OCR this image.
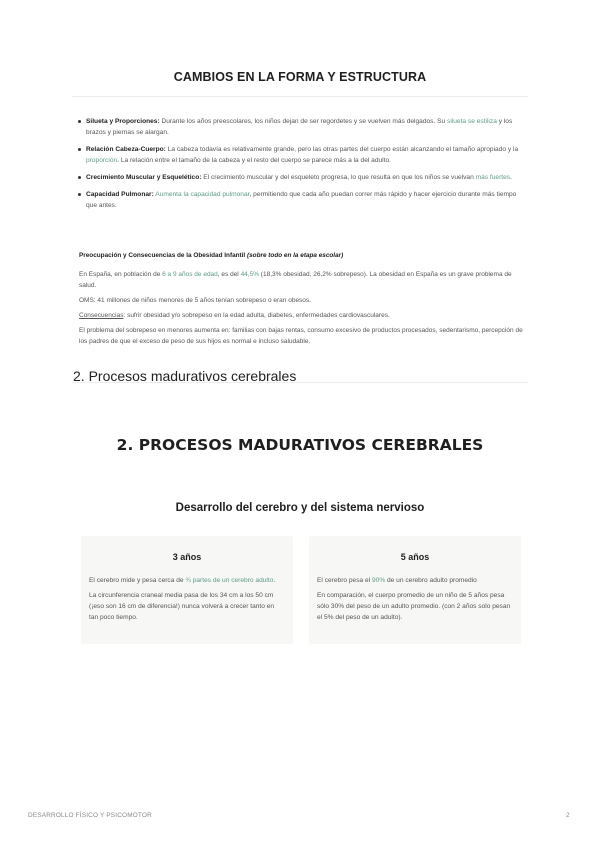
CAMBIOS EN LA FORMA Y ESTRUCTURA
Silueta y Proporciones: Durante los años preescolares, los niños dejan de ser regordetes y se vuelven más delgados. Su silueta se estiliza y los brazos y piernas se alargan.
Relación Cabeza-Cuerpo: La cabeza todavía es relativamente grande, pero las otras partes del cuerpo están alcanzando el tamaño apropiado y la proporción. La relación entre el tamaño de la cabeza y el resto del cuerpo se parece más a la del adulto.
Crecimiento Muscular y Esquelético: El crecimiento muscular y del esqueleto progresa, lo que resulta en que los niños se vuelvan más fuertes.
Capacidad Pulmonar: Aumenta la capacidad pulmonar, permitiendo que cada año puedan correr más rápido y hacer ejercicio durante más tiempo que antes.
Preocupación y Consecuencias de la Obesidad Infantil (sobre todo en la etapa escolar)

En España, en población de 6 a 9 años de edad, es del 44,5% (18,3% obesidad, 26,2% sobrepeso). La obesidad en España es un grave problema de salud.

OMS: 41 millones de niños menores de 5 años tenían sobrepeso o eran obesos.

Consecuencias: sufrir obesidad y/o sobrepeso en la edad adulta, diabetes, enfermedades cardiovasculares.

El problema del sobrepeso en menores aumenta en: familias con bajas rentas, consumo excesivo de productos procesados, sedentarismo, percepción de los padres de que el exceso de peso de sus hijos es normal e incluso saludable.

2. Procesos madurativos cerebrales
2. PROCESOS MADURATIVOS CEREBRALES
Desarrollo del cerebro y del sistema nervioso
3 años

El cerebro mide y pesa cerca de ¾ partes de un cerebro adulto.

La circunferencia craneal media pasa de los 34 cm a los 50 cm (¡eso son 16 cm de diferencia!) nunca volverá a crecer tanto en tan poco tiempo.

5 años

El cerebro pesa el 90% de un cerebro adulto promedio

En comparación, el cuerpo promedio de un niño de 5 años pesa sólo 30% del peso de un adulto promedio. (con 2 años solo pesan el 5% del peso de un adulto).

DESARROLLO FÍSICO Y PSICOMOTOR	2
